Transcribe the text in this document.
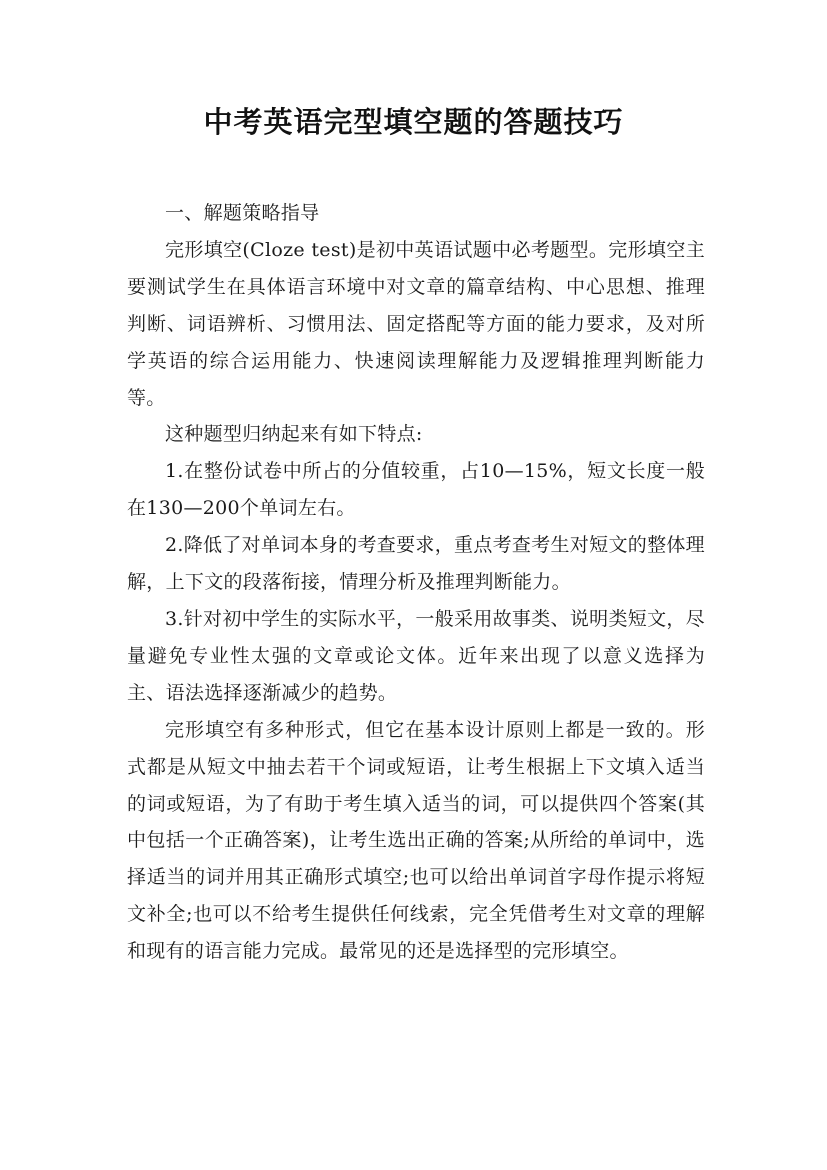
中考英语完型填空题的答题技巧

一、解题策略指导

完形填空(Cloze test)是初中英语试题中必考题型。完形填空主要测试学生在具体语言环境中对文章的篇章结构、中心思想、推理判断、词语辨析、习惯用法、固定搭配等方面的能力要求，及对所学英语的综合运用能力、快速阅读理解能力及逻辑推理判断能力等。

这种题型归纳起来有如下特点:

1.在整份试卷中所占的分值较重，占10—15%，短文长度一般在130—200个单词左右。

2.降低了对单词本身的考查要求，重点考查考生对短文的整体理解，上下文的段落衔接，情理分析及推理判断能力。

3.针对初中学生的实际水平，一般采用故事类、说明类短文，尽量避免专业性太强的文章或论文体。近年来出现了以意义选择为主、语法选择逐渐减少的趋势。

完形填空有多种形式，但它在基本设计原则上都是一致的。形式都是从短文中抽去若干个词或短语，让考生根据上下文填入适当的词或短语，为了有助于考生填入适当的词，可以提供四个答案(其中包括一个正确答案)，让考生选出正确的答案;从所给的单词中，选择适当的词并用其正确形式填空;也可以给出单词首字母作提示将短文补全;也可以不给考生提供任何线索，完全凭借考生对文章的理解和现有的语言能力完成。最常见的还是选择型的完形填空。
